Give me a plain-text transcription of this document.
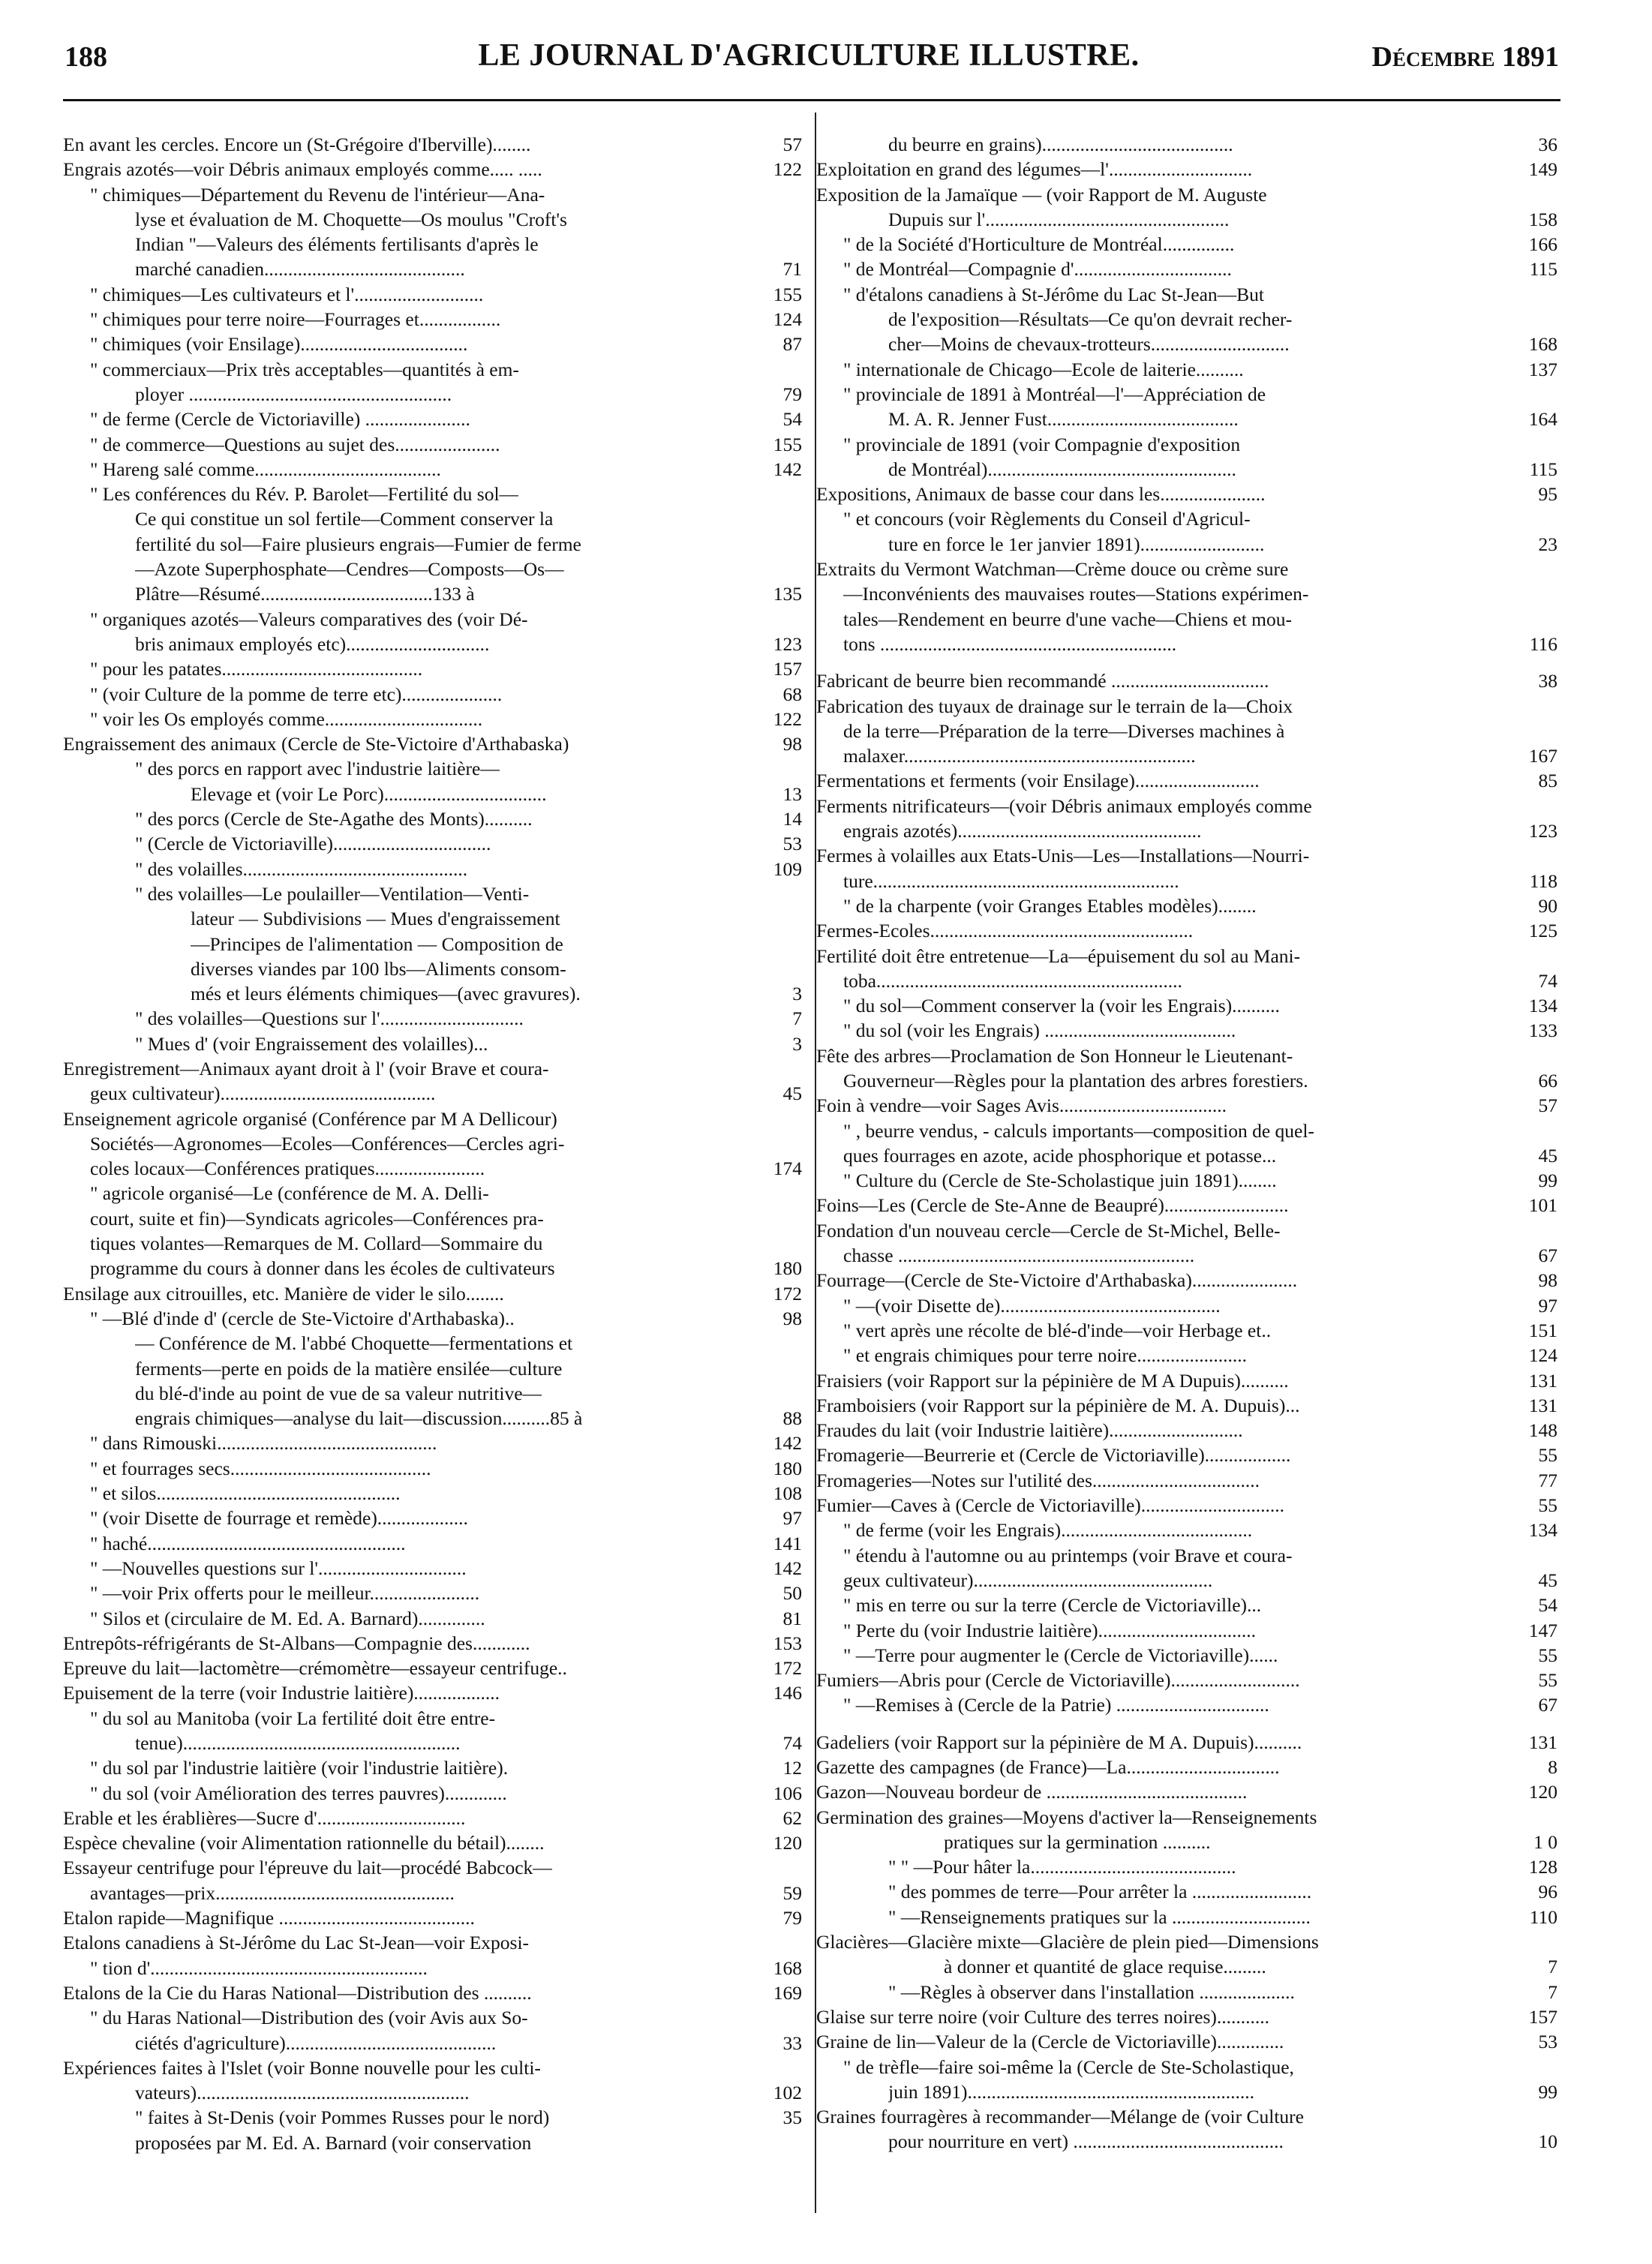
188	LE JOURNAL D'AGRICULTURE ILLUSTRE.	Décembre 1891
En avant les cercles. Encore un (St-Grégoire d'Iberville)........	57
Engrais azotés—voir Débris animaux employés comme..... .....	122
" chimiques—Département du Revenu de l'intérieur—Ana-
lyse et évaluation de M. Choquette—Os moulus "Croft's
Indian "—Valeurs des éléments fertilisants d'après le
marché canadien..........................................	71
" chimiques—Les cultivateurs et l'...........................	155
" chimiques pour terre noire—Fourrages et.................	124
" chimiques (voir Ensilage)...................................	87
" commerciaux—Prix très acceptables—quantités à em-
ployer .......................................................	79
" de ferme (Cercle de Victoriaville) ......................	54
" de commerce—Questions au sujet des......................	155
" Hareng salé comme.......................................	142
" Les conférences du Rév. P. Barolet—Fertilité du sol—
Ce qui constitue un sol fertile—Comment conserver la
fertilité du sol—Faire plusieurs engrais—Fumier de ferme
—Azote Superphosphate—Cendres—Composts—Os—
Plâtre—Résumé....................................133 à	135
" organiques azotés—Valeurs comparatives des (voir Dé-
bris animaux employés etc)..............................	123
" pour les patates..........................................	157
" (voir Culture de la pomme de terre etc).....................	68
" voir les Os employés comme.................................	122
Engraissement des animaux (Cercle de Ste-Victoire d'Arthabaska)	98
" des porcs en rapport avec l'industrie laitière—
Elevage et (voir Le Porc)..................................	13
" des porcs (Cercle de Ste-Agathe des Monts)..........	14
" (Cercle de Victoriaville).................................	53
" des volailles...............................................	109
" des volailles—Le poulailler—Ventilation—Venti-
lateur — Subdivisions — Mues d'engraissement
—Principes de l'alimentation — Composition de
diverses viandes par 100 lbs—Aliments consom-
més et leurs éléments chimiques—(avec gravures).	3
" des volailles—Questions sur l'..............................	7
" Mues d' (voir Engraissement des volailles)...	3
Enregistrement—Animaux ayant droit à l' (voir Brave et coura-
geux cultivateur).............................................	45
Enseignement agricole organisé (Conférence par M A Dellicour)
Sociétés—Agronomes—Ecoles—Conférences—Cercles agri-
coles locaux—Conférences pratiques.......................	174
" agricole organisé—Le (conférence de M. A. Delli-
court, suite et fin)—Syndicats agricoles—Conférences pra-
tiques volantes—Remarques de M. Collard—Sommaire du
programme du cours à donner dans les écoles de cultivateurs	180
Ensilage aux citrouilles, etc. Manière de vider le silo........	172
" —Blé d'inde d' (cercle de Ste-Victoire d'Arthabaska)..	98
— Conférence de M. l'abbé Choquette—fermentations et
ferments—perte en poids de la matière ensilée—culture
du blé-d'inde au point de vue de sa valeur nutritive—
engrais chimiques—analyse du lait—discussion..........85 à	88
" dans Rimouski..............................................	142
" et fourrages secs..........................................	180
" et silos...................................................	108
" (voir Disette de fourrage et remède)...................	97
" haché......................................................	141
" —Nouvelles questions sur l'...............................	142
" —voir Prix offerts pour le meilleur.......................	50
" Silos et (circulaire de M. Ed. A. Barnard)..............	81
Entrepôts-réfrigérants de St-Albans—Compagnie des............	153
Epreuve du lait—lactomètre—crémomètre—essayeur centrifuge..	172
Epuisement de la terre (voir Industrie laitière)..................	146
" du sol au Manitoba (voir La fertilité doit être entre-
tenue)..........................................................	74
" du sol par l'industrie laitière (voir l'industrie laitière).	12
" du sol (voir Amélioration des terres pauvres).............	106
Erable et les érablières—Sucre d'...............................	62
Espèce chevaline (voir Alimentation rationnelle du bétail)........	120
Essayeur centrifuge pour l'épreuve du lait—procédé Babcock—
avantages—prix..................................................	59
Etalon rapide—Magnifique .........................................	79
Etalons canadiens à St-Jérôme du Lac St-Jean—voir Exposi-
" tion d'..........................................................	168
Etalons de la Cie du Haras National—Distribution des ..........	169
" du Haras National—Distribution des (voir Avis aux So-
ciétés d'agriculture)............................................	33
Expériences faites à l'Islet (voir Bonne nouvelle pour les culti-
vateurs).........................................................	102
" faites à St-Denis (voir Pommes Russes pour le nord)	35
proposées par M. Ed. A. Barnard (voir conservation
du beurre en grains)........................................	36
Exploitation en grand des légumes—l'..............................	149
Exposition de la Jamaïque — (voir Rapport de M. Auguste
Dupuis sur l'...................................................	158
" de la Société d'Horticulture de Montréal...............	166
" de Montréal—Compagnie d'.................................	115
" d'étalons canadiens à St-Jérôme du Lac St-Jean—But
de l'exposition—Résultats—Ce qu'on devrait recher-
cher—Moins de chevaux-trotteurs.............................	168
" internationale de Chicago—Ecole de laiterie..........	137
" provinciale de 1891 à Montréal—l'—Appréciation de
M. A. R. Jenner Fust........................................	164
" provinciale de 1891 (voir Compagnie d'exposition
de Montréal)....................................................	115
Expositions, Animaux de basse cour dans les......................	95
" et concours (voir Règlements du Conseil d'Agricul-
ture en force le 1er janvier 1891)..........................	23
Extraits du Vermont Watchman—Crème douce ou crème sure
—Inconvénients des mauvaises routes—Stations expérimen-
tales—Rendement en beurre d'une vache—Chiens et mou-
tons ..............................................................	116
Fabricant de beurre bien recommandé .................................	38
Fabrication des tuyaux de drainage sur le terrain de la—Choix
de la terre—Préparation de la terre—Diverses machines à
malaxer.............................................................	167
Fermentations et ferments (voir Ensilage)..........................	85
Ferments nitrificateurs—(voir Débris animaux employés comme
engrais azotés)...................................................	123
Fermes à volailles aux Etats-Unis—Les—Installations—Nourri-
ture................................................................	118
" de la charpente (voir Granges Etables modèles)........	90
Fermes-Ecoles.......................................................	125
Fertilité doit être entretenue—La—épuisement du sol au Mani-
toba................................................................	74
" du sol—Comment conserver la (voir les Engrais)..........	134
" du sol (voir les Engrais) ........................................	133
Fête des arbres—Proclamation de Son Honneur le Lieutenant-
Gouverneur—Règles pour la plantation des arbres forestiers.	66
Foin à vendre—voir Sages Avis...................................	57
" , beurre vendus, - calculs importants—composition de quel-
ques fourrages en azote, acide phosphorique et potasse...	45
" Culture du (Cercle de Ste-Scholastique juin 1891)........	99
Foins—Les (Cercle de Ste-Anne de Beaupré)..........................	101
Fondation d'un nouveau cercle—Cercle de St-Michel, Belle-
chasse ..............................................................	67
Fourrage—(Cercle de Ste-Victoire d'Arthabaska)......................	98
" —(voir Disette de)..............................................	97
" vert après une récolte de blé-d'inde—voir Herbage et..	151
" et engrais chimiques pour terre noire.......................	124
Fraisiers (voir Rapport sur la pépinière de M A Dupuis)..........	131
Framboisiers (voir Rapport sur la pépinière de M. A. Dupuis)...	131
Fraudes du lait (voir Industrie laitière)............................	148
Fromagerie—Beurrerie et (Cercle de Victoriaville)..................	55
Fromageries—Notes sur l'utilité des...................................	77
Fumier—Caves à (Cercle de Victoriaville)..............................	55
" de ferme (voir les Engrais)........................................	134
" étendu à l'automne ou au printemps (voir Brave et coura-
geux cultivateur)..................................................	45
" mis en terre ou sur la terre (Cercle de Victoriaville)...	54
" Perte du (voir Industrie laitière).................................	147
" —Terre pour augmenter le (Cercle de Victoriaville)......	55
Fumiers—Abris pour (Cercle de Victoriaville)...........................	55
" —Remises à (Cercle de la Patrie) ................................	67
Gadeliers (voir Rapport sur la pépinière de M A. Dupuis)..........	131
Gazette des campagnes (de France)—La................................	8
Gazon—Nouveau bordeur de ..........................................	120
Germination des graines—Moyens d'activer la—Renseignements
pratiques sur la germination ..........	1 0
" " —Pour hâter la...........................................	128
" des pommes de terre—Pour arrêter la .........................	96
" —Renseignements pratiques sur la .............................	110
Glacières—Glacière mixte—Glacière de plein pied—Dimensions
à donner et quantité de glace requise.........	7
" —Règles à observer dans l'installation ....................	7
Glaise sur terre noire (voir Culture des terres noires)...........	157
Graine de lin—Valeur de la (Cercle de Victoriaville)..............	53
" de trèfle—faire soi-même la (Cercle de Ste-Scholastique,
juin 1891)............................................................	99
Graines fourragères à recommander—Mélange de (voir Culture
pour nourriture en vert) ............................................	10
